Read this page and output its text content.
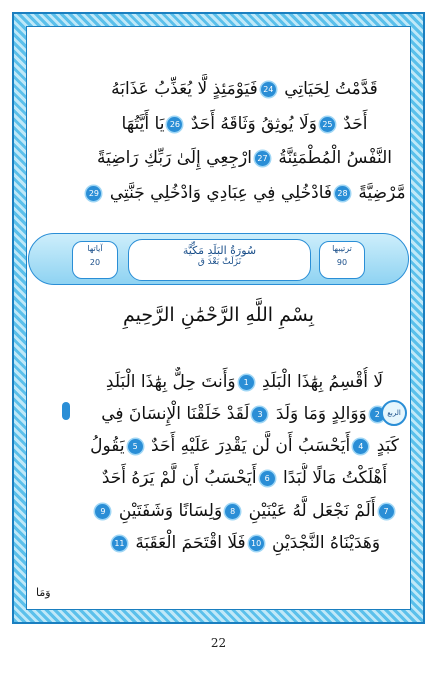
قَدَّمْتُ لِحَيَاتِي 24فَيَوْمَئِذٍ لَّا يُعَذِّبُ عَذَابَهُ
أَحَدٌ 25وَلَا يُوثِقُ وَثَاقَهُ أَحَدٌ 26يَا أَيَّتُهَا
النَّفْسُ الْمُطْمَئِنَّةُ 27ارْجِعِي إِلَىٰ رَبِّكِ رَاضِيَةً
مَّرْضِيَّةً 28فَادْخُلِي فِي عِبَادِي وَادْخُلِي جَنَّتِي 29
ترتيبها
90
سُورَةُ البَلَدِ مَكِّيَّة
نَزَلَتْ بَعْدَ ق
آياتها
20
بِسْمِ اللَّهِ الرَّحْمَٰنِ الرَّحِيمِ
لَا أُقْسِمُ بِهَٰذَا الْبَلَدِ 1وَأَنتَ حِلٌّ بِهَٰذَا الْبَلَدِ
2وَوَالِدٍ وَمَا وَلَدَ 3لَقَدْ خَلَقْنَا الْإِنسَانَ فِي
كَبَدٍ 4أَيَحْسَبُ أَن لَّن يَقْدِرَ عَلَيْهِ أَحَدٌ 5يَقُولُ
أَهْلَكْتُ مَالًا لُّبَدًا 6أَيَحْسَبُ أَن لَّمْ يَرَهُ أَحَدٌ
7أَلَمْ نَجْعَل لَّهُ عَيْنَيْنِ 8وَلِسَانًا وَشَفَتَيْنِ 9
وَهَدَيْنَاهُ النَّجْدَيْنِ 10فَلَا اقْتَحَمَ الْعَقَبَةَ 11
الربع
وَمَا
22
